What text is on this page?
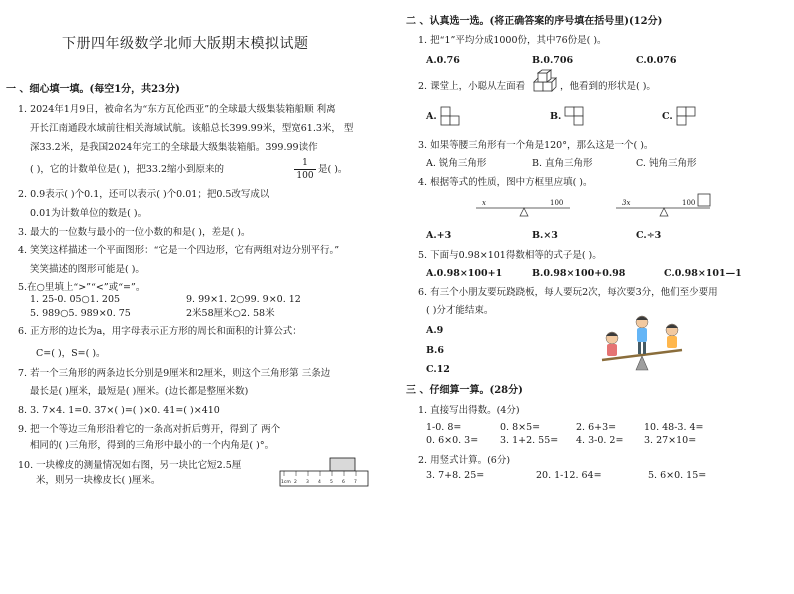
下册四年级数学北师大版期末模拟试题
一 、细心填一填。(每空1分，共23分)
1. 2024年1月9日，被命名为“东方瓦伦西亚”的全球最大级集装箱船顺 利离
开长江南通段水域前往相关海域试航。该船总长399.99米，型宽61.3米， 型
深33.2米，是我国2024年完工的全球最大级集装箱船。399.99读作
( )，它的计数单位是( )，把33.2缩小到原来的
1
100
是( )。
2. 0.9表示( )个0.1，还可以表示( )个0.01；把0.5改写成以
0.01为计数单位的数是( )。
3. 最大的一位数与最小的一位小数的和是( )，差是( )。
4. 笑笑这样描述一个平面图形：“它是一个四边形，它有两组对边分别平行。”
笑笑描述的图形可能是( )。
5.在○里填上“>”“<”或“=”。
1. 25-0. 05○1. 205	9. 99×1. 2○99. 9×0. 12
5. 989○5. 989×0. 75	2米58厘米○2. 58米
6. 正方形的边长为a，用字母表示正方形的周长和面积的计算公式：
C=( )，S=( )。
7. 若一个三角形的两条边长分别是9厘米和2厘米，则这个三角形第 三条边
最长是( )厘米，最短是( )厘米。(边长都是整厘米数)
8. 3. 7×4. 1=0. 37×( )=( )×0. 41=( )×410
9. 把一个等边三角形沿着它的一条高对折后剪开，得到了 两个
相同的( )三角形，得到的三角形中最小的一个内角是( )°。
10. 一块橡皮的测量情况如右图，另一块比它短2.5厘
米，则另一块橡皮长( )厘米。	1cm 2 3 4 5 6 7
二 、认真选一选。(将正确答案的序号填在括号里)(12分)
1. 把“1”平均分成1000份，其中76份是( )。
A.0.76	B.0.706	C.0.076
2. 课堂上，小聪从左面看	，他看到的形状是( )。
A.	B.	C.
3. 如果等腰三角形有一个角是120°，那么这是一个( )。
A. 锐角三角形	B. 直角三角形	C. 钝角三角形
4. 根据等式的性质，图中方框里应填( )。
x	100	3x	100
A.+3	B.×3	C.÷3
5. 下面与0.98×101得数相等的式子是( )。
A.0.98×100+1	B.0.98×100+0.98	C.0.98×101—1
6. 有三个小朋友要玩跷跷板，每人要玩2次，每次要3分，他们至少要用
( )分才能结束。
A.9
B.6
C.12
三 、仔细算一算。(28分)
1. 直接写出得数。(4分)
1-0. 8=	0. 8×5=	2. 6+3=	10. 48-3. 4=
0. 6×0. 3= 3. 1+2. 55= 4. 3-0. 2= 3. 27×10=
2. 用竖式计算。(6分)
3. 7+8. 25=	20. 1-12. 64=	5. 6×0. 15=
